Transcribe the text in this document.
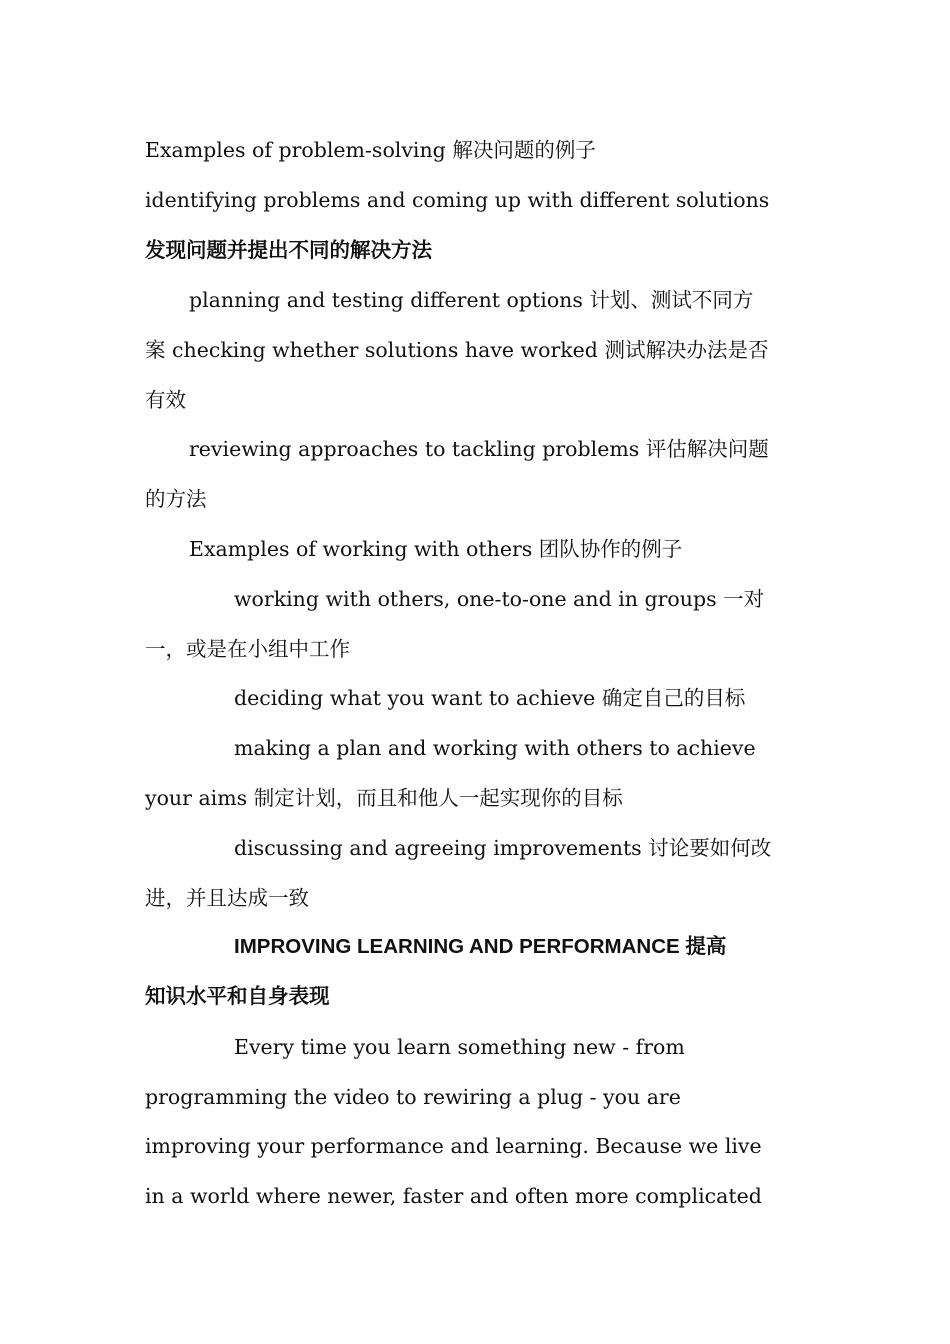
Examples of problem-solving 解决问题的例子
identifying problems and coming up with different solutions
发现问题并提出不同的解决方法
planning and testing different options 计划、测试不同方
案 checking whether solutions have worked 测试解决办法是否
有效
reviewing approaches to tackling problems 评估解决问题
的方法
Examples of working with others 团队协作的例子
working with others, one-to-one and in groups 一对
一，或是在小组中工作
deciding what you want to achieve 确定自己的目标
making a plan and working with others to achieve
your aims 制定计划，而且和他人一起实现你的目标
discussing and agreeing improvements 讨论要如何改
进，并且达成一致
IMPROVING LEARNING AND PERFORMANCE 提高
知识水平和自身表现
Every time you learn something new - from
programming the video to rewiring a plug - you are
improving your performance and learning. Because we live
in a world where newer, faster and often more complicated
